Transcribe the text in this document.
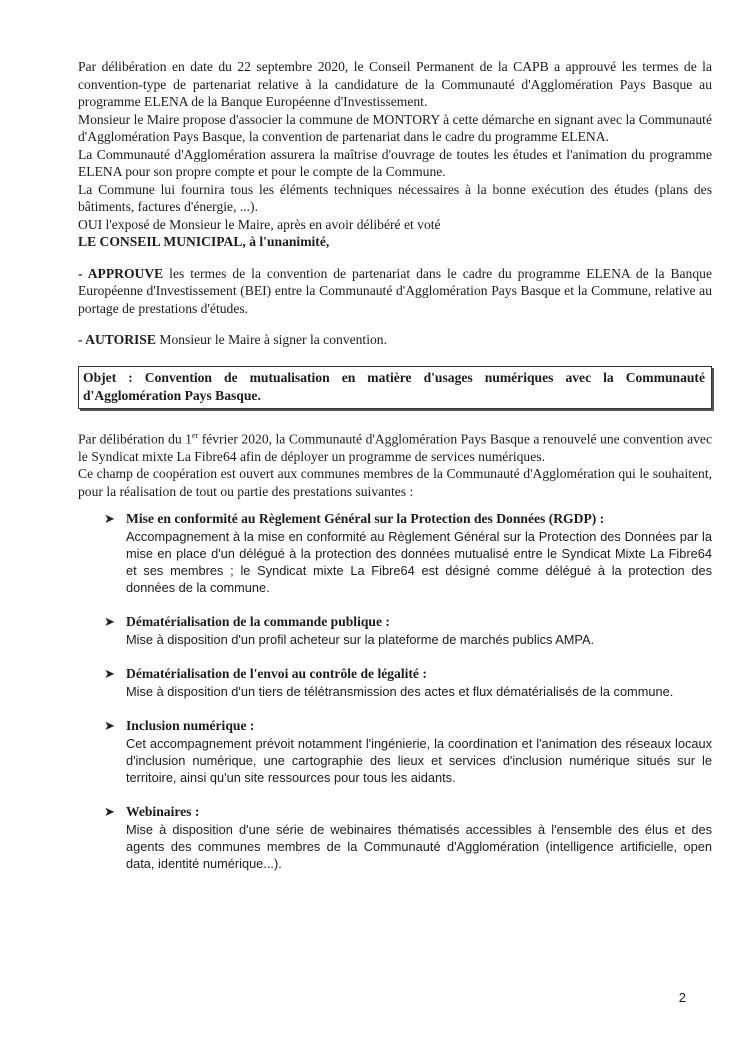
Par délibération en date du 22 septembre 2020, le Conseil Permanent de la CAPB a approuvé les termes de la convention-type de partenariat relative à la candidature de la Communauté d'Agglomération Pays Basque au programme ELENA de la Banque Européenne d'Investissement.

Monsieur le Maire propose d'associer la commune de MONTORY à cette démarche en signant avec la Communauté d'Agglomération Pays Basque, la convention de partenariat dans le cadre du programme ELENA.

La Communauté d'Agglomération assurera la maîtrise d'ouvrage de toutes les études et l'animation du programme ELENA pour son propre compte et pour le compte de la Commune.

La Commune lui fournira tous les éléments techniques nécessaires à la bonne exécution des études (plans des bâtiments, factures d'énergie, ...).

OUI l'exposé de Monsieur le Maire, après en avoir délibéré et voté

LE CONSEIL MUNICIPAL, à l'unanimité,

- APPROUVE les termes de la convention de partenariat dans le cadre du programme ELENA de la Banque Européenne d'Investissement (BEI) entre la Communauté d'Agglomération Pays Basque et la Commune, relative au portage de prestations d'études.

- AUTORISE Monsieur le Maire à signer la convention.

Objet : Convention de mutualisation en matière d'usages numériques avec la Communauté d'Agglomération Pays Basque.

Par délibération du 1er février 2020, la Communauté d'Agglomération Pays Basque a renouvelé une convention avec le Syndicat mixte La Fibre64 afin de déployer un programme de services numériques.

Ce champ de coopération est ouvert aux communes membres de la Communauté d'Agglomération qui le souhaitent, pour la réalisation de tout ou partie des prestations suivantes :

➤ Mise en conformité au Règlement Général sur la Protection des Données (RGDP) :

Accompagnement à la mise en conformité au Règlement Général sur la Protection des Données par la mise en place d'un délégué à la protection des données mutualisé entre le Syndicat Mixte La Fibre64 et ses membres ; le Syndicat mixte La Fibre64 est désigné comme délégué à la protection des données de la commune.

➤ Dématérialisation de la commande publique :

Mise à disposition d'un profil acheteur sur la plateforme de marchés publics AMPA.

➤ Dématérialisation de l'envoi au contrôle de légalité :

Mise à disposition d'un tiers de télétransmission des actes et flux dématérialisés de la commune.

➤ Inclusion numérique :

Cet accompagnement prévoit notamment l'ingénierie, la coordination et l'animation des réseaux locaux d'inclusion numérique, une cartographie des lieux et services d'inclusion numérique situés sur le territoire, ainsi qu'un site ressources pour tous les aidants.

➤ Webinaires :

Mise à disposition d'une série de webinaires thématisés accessibles à l'ensemble des élus et des agents des communes membres de la Communauté d'Agglomération (intelligence artificielle, open data, identité numérique...).

2
